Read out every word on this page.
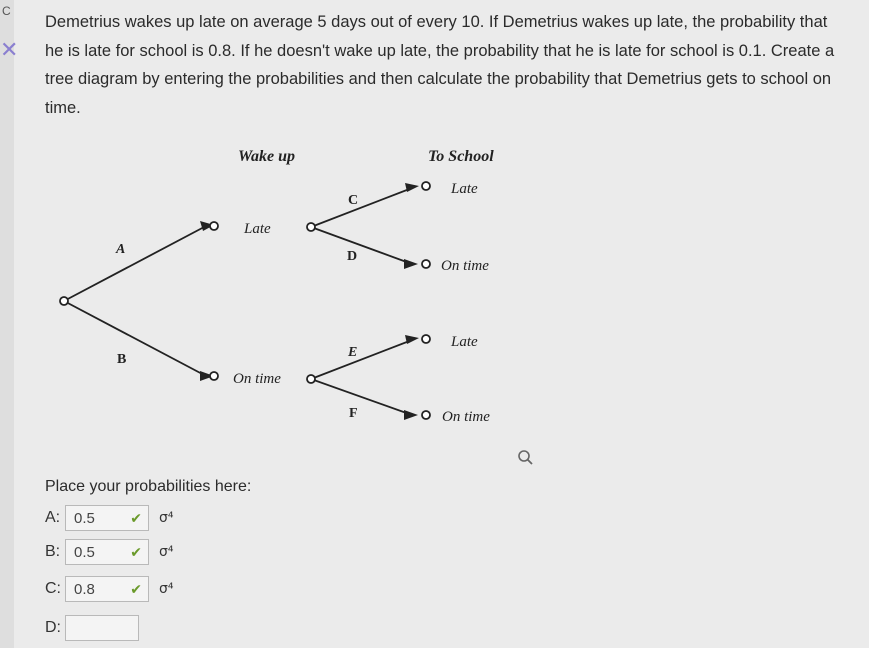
C
✕
Demetrius wakes up late on average 5 days out of every 10. If Demetrius wakes up late, the probability that he is late for school is 0.8. If he doesn't wake up late, the probability that he is late for school is 0.1. Create a tree diagram by entering the probabilities and then calculate the probability that Demetrius gets to school on time.
Wake up	To School
A
B
C
D
E
F
Late
On time
Late
On time
Late
On time
Place your probabilities here:
A: 0.5	✔ σ⁴
B: 0.5	✔ σ⁴
C: 0.8	✔ σ⁴
D:
